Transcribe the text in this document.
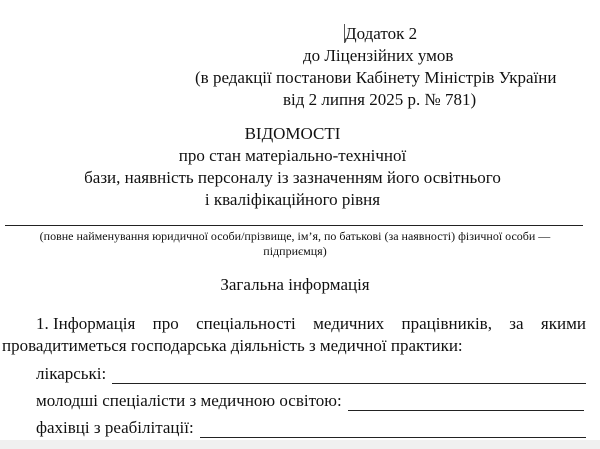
Додаток 2
до Ліцензійних умов
(в редакції постанови Кабінету Міністрів України
від 2 липня 2025 р. № 781)
ВІДОМОСТІ
про стан матеріально-технічної
бази, наявність персоналу із зазначенням його освітнього
і кваліфікаційного рівня
(повне найменування юридичної особи/прізвище, ім’я, по батькові (за наявності) фізичної особи —
підприємця)
Загальна інформація
1. Інформація про спеціальності медичних працівників, за якими
провадитиметься господарська діяльність з медичної практики:
лікарські:
молодші спеціалісти з медичною освітою:
фахівці з реабілітації:
